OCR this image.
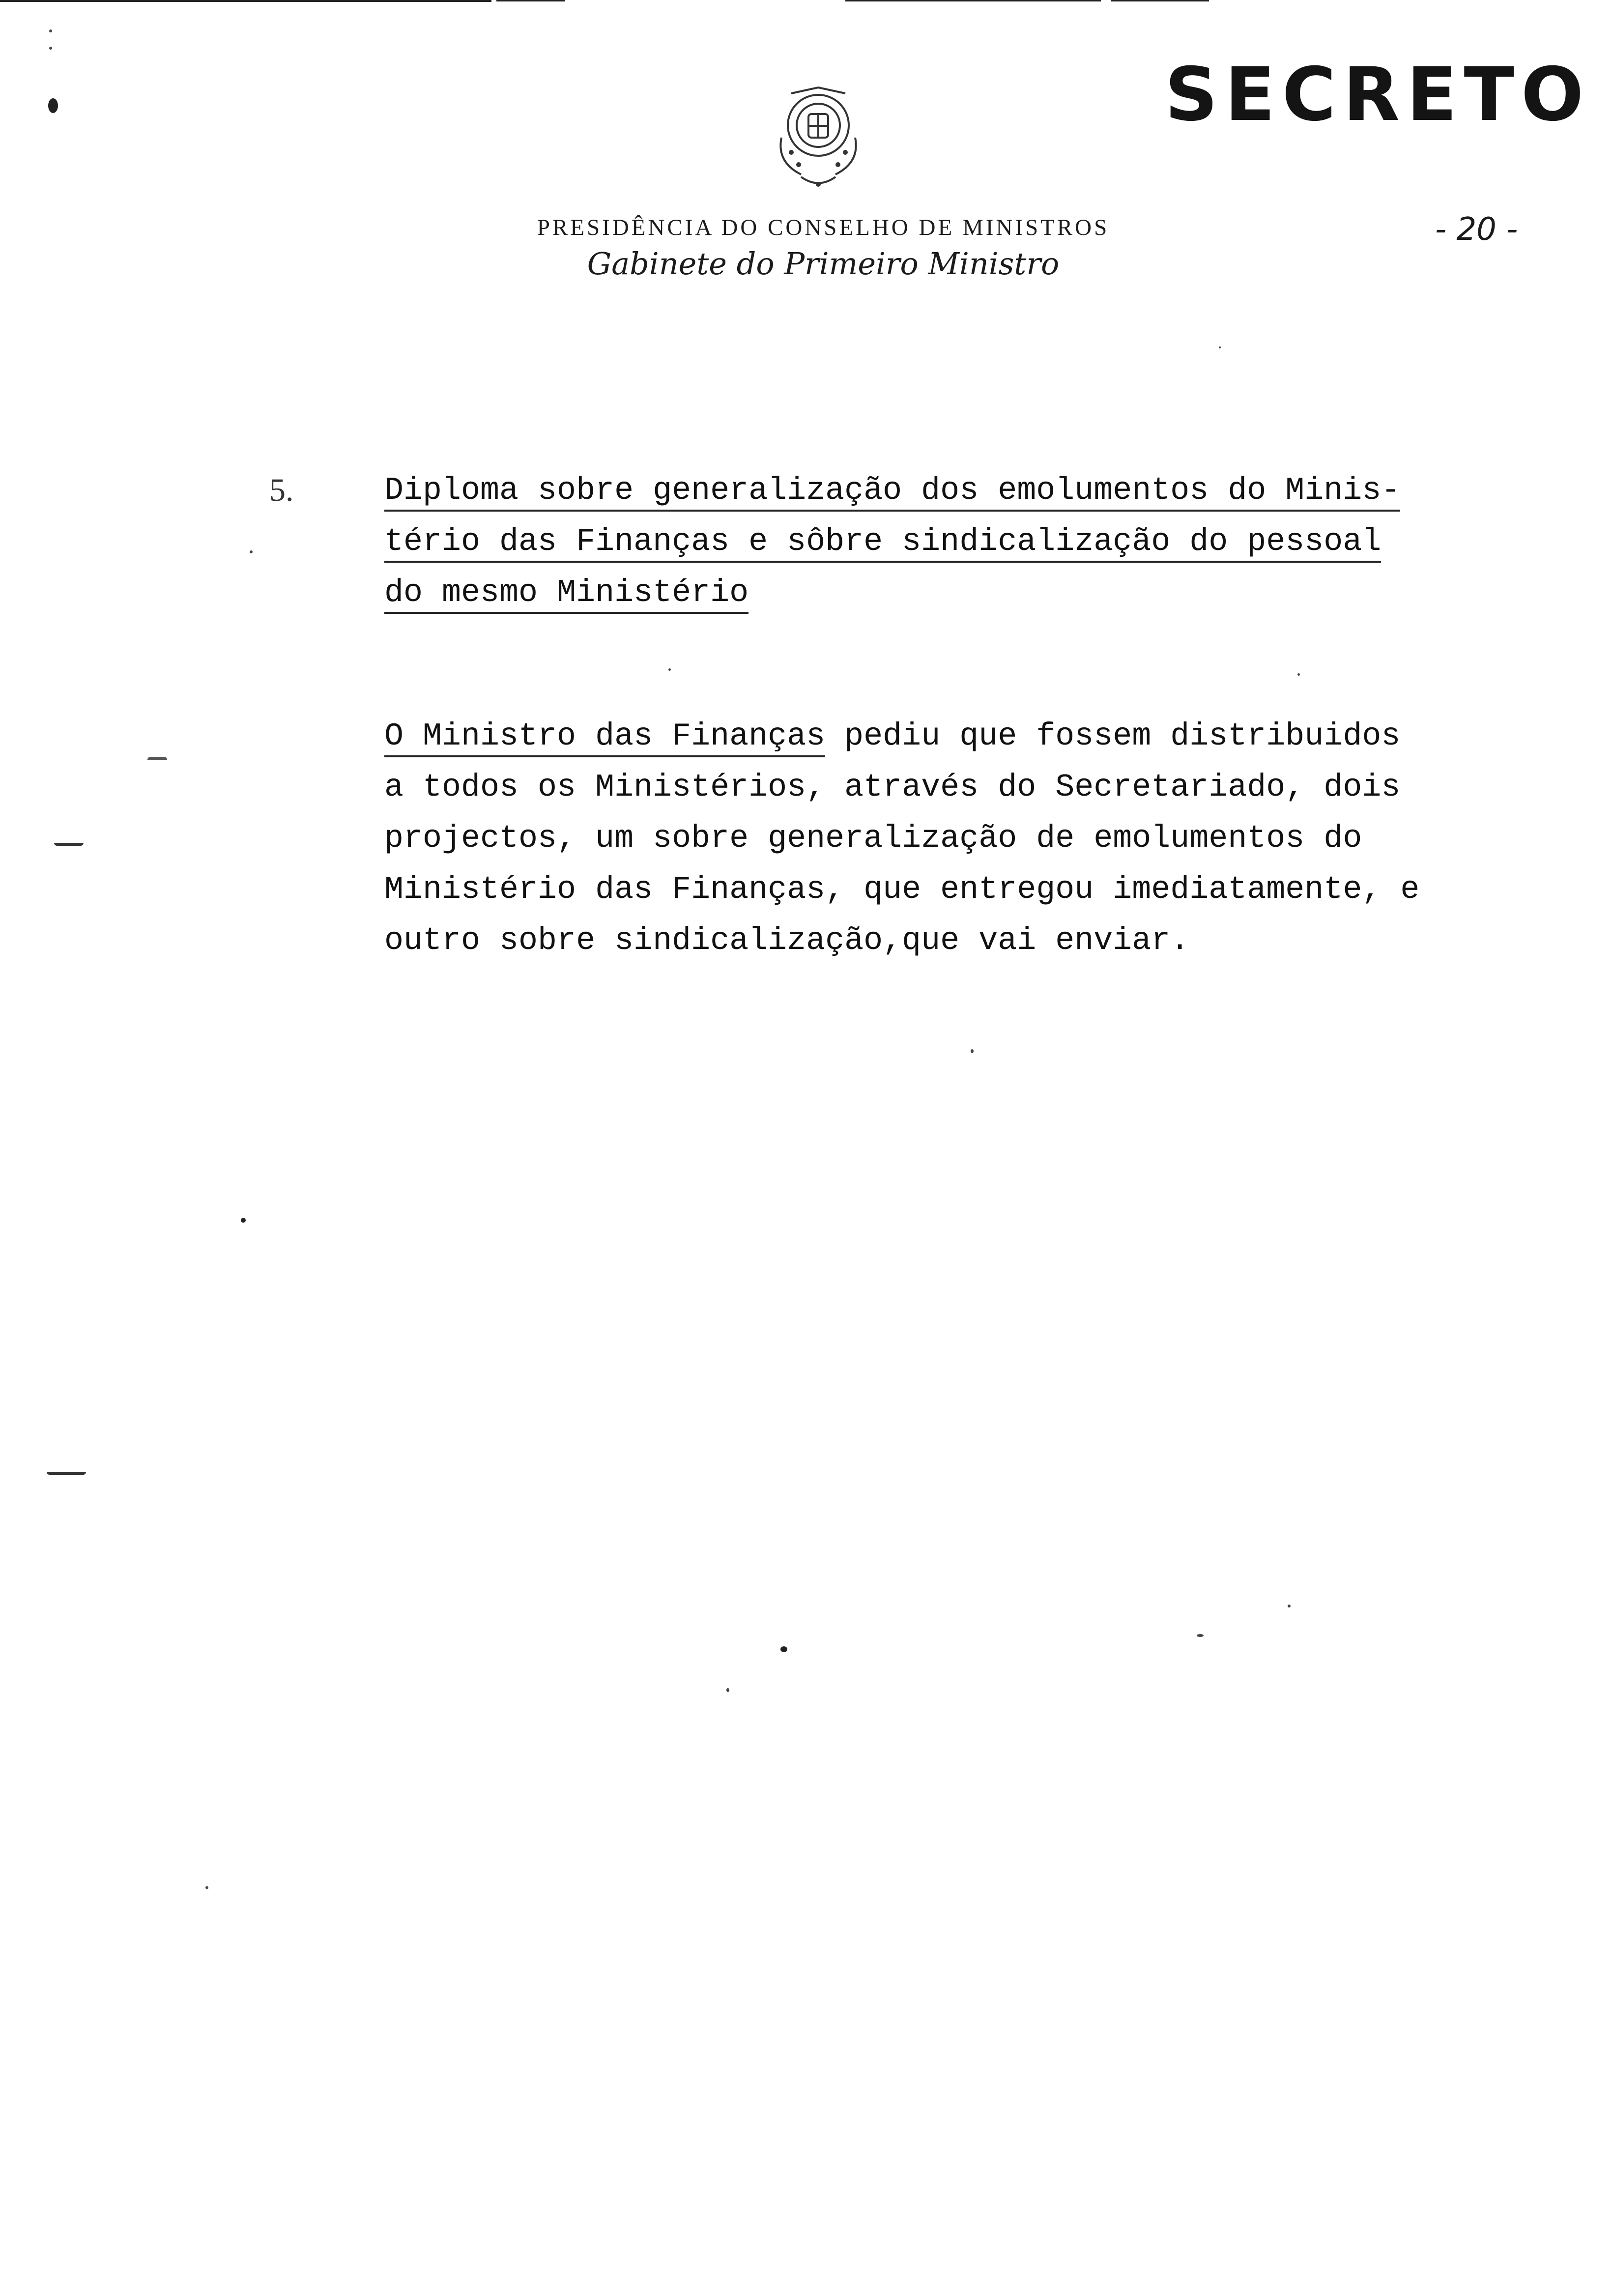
SECRETO
PRESIDÊNCIA DO CONSELHO DE MINISTROS
Gabinete do Primeiro Ministro
- 20 -
5.	Diploma sobre generalização dos emolumentos do Minis-
tério das Finanças e sôbre sindicalização do pessoal
do mesmo Ministério
O Ministro das Finanças pediu que fossem distribuidos
a todos os Ministérios, através do Secretariado, dois
projectos, um sobre generalização de emolumentos do
Ministério das Finanças, que entregou imediatamente, e
outro sobre sindicalização,que vai enviar.
